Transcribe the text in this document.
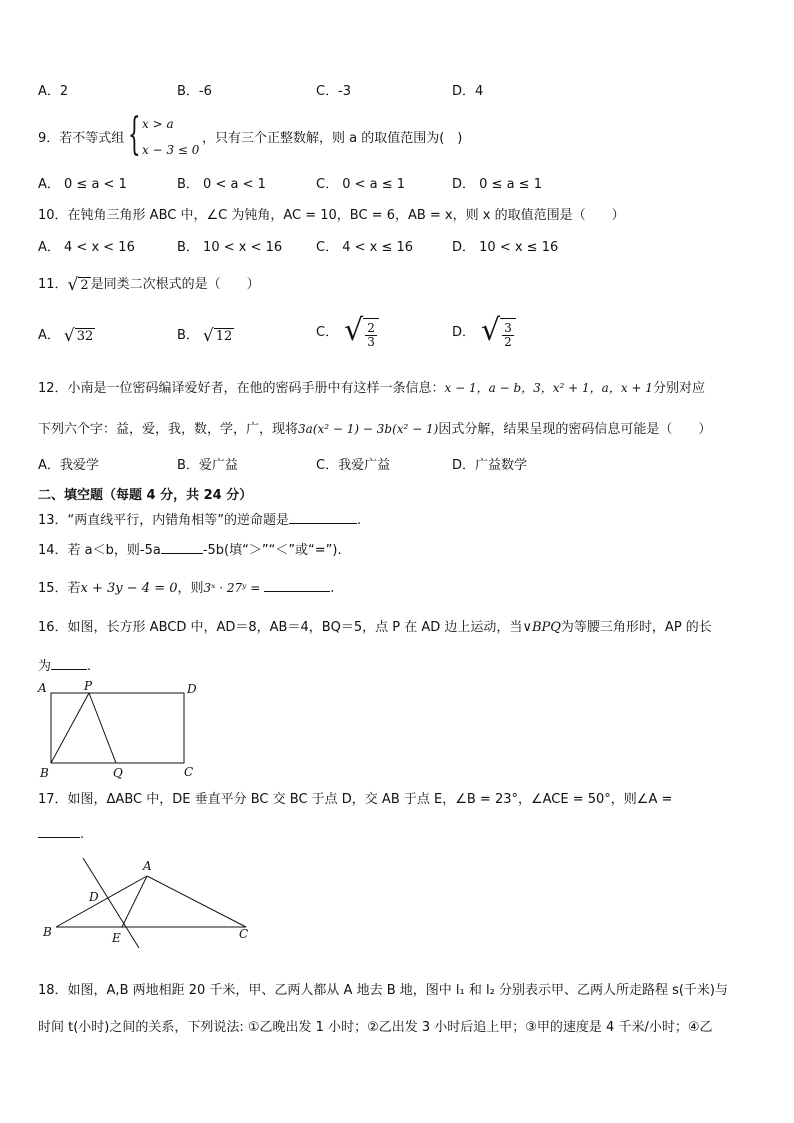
A．2	B．-6	C．-3	D．4
9．若不等式组 { x > a
x − 3 ≤ 0
，只有三个正整数解，则 a 的取值范围为(　)
A． 0 ≤ a < 1	B． 0 < a < 1	C． 0 < a ≤ 1	D． 0 ≤ a ≤ 1
10．在钝角三角形 ABC 中，∠C 为钝角，AC = 10，BC = 6，AB = x，则 x 的取值范围是（　　）
A． 4 < x < 16	B． 10 < x < 16	C． 4 < x ≤ 16	D． 10 < x ≤ 16
11． √ 2 是同类二次根式的是（　　）
A． √ 32	B． √ 12	C． √ $\frac{2}{3}$	D． √ $\frac{3}{2}$
12．小南是一位密码编译爱好者，在他的密码手册中有这样一条信息：x − 1，a − b，3，x² + 1，a，x + 1分别对应
下列六个字：益，爱，我，数，学，广，现将3a(x² − 1) − 3b(x² − 1)因式分解，结果呈现的密码信息可能是（　　）
A．我爱学	B．爱广益	C．我爱广益	D．广益数学
二、填空题（每题 4 分，共 24 分）
13．“两直线平行，内错角相等”的逆命题是	.
14．若 a＜b，则-5a	-5b(填“＞”“＜”或“=”).
15．若x + 3y − 4 = 0，则3ˣ · 27ʸ =	.
16．如图，长方形 ABCD 中，AD＝8，AB＝4，BQ＝5，点 P 在 AD 边上运动，当∨BPQ为等腰三角形时，AP 的长
为	.
A	P	D
B	Q	C
17．如图，ΔABC 中，DE 垂直平分 BC 交 BC 于点 D，交 AB 于点 E，∠B = 23°，∠ACE = 50°，则∠A =
.
A
D
B	E	C
18．如图，A,B 两地相距 20 千米，甲、乙两人都从 A 地去 B 地，图中 l₁ 和 l₂ 分别表示甲、乙两人所走路程 s(千米)与
时间 t(小时)之间的关系，下列说法: ①乙晚出发 1 小时；②乙出发 3 小时后追上甲；③甲的速度是 4 千米/小时；④乙
